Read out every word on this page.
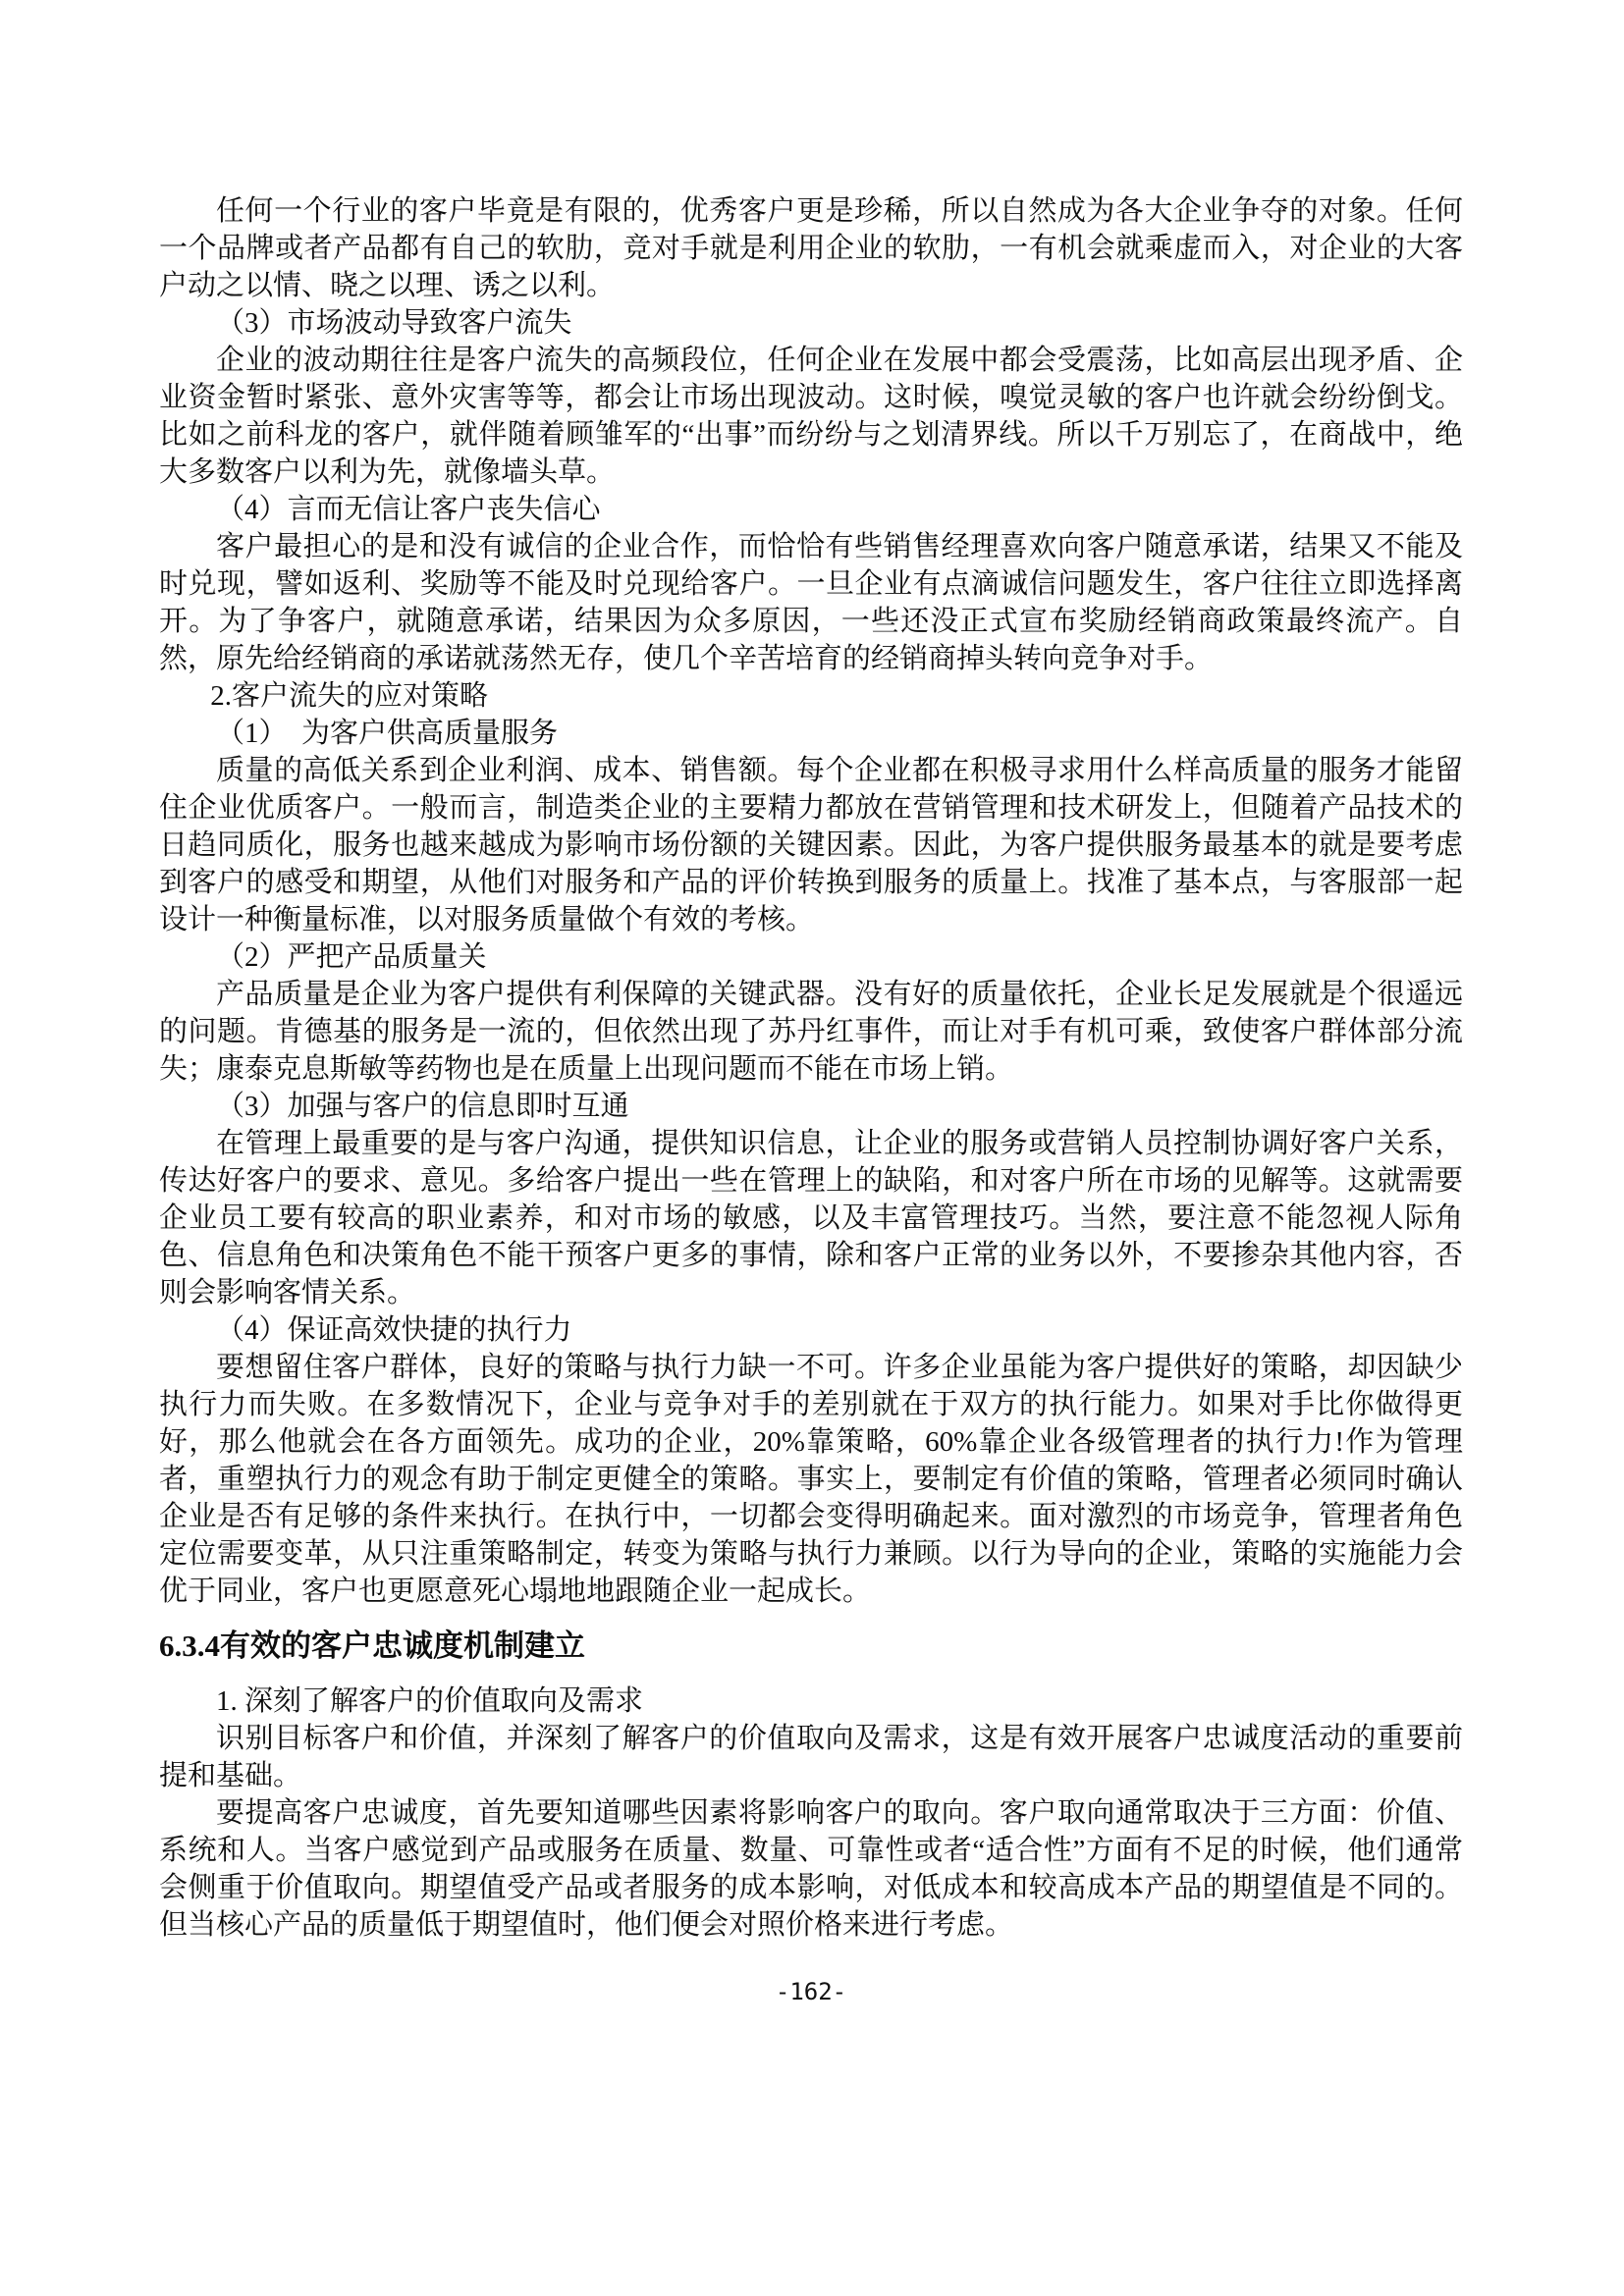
任何一个行业的客户毕竟是有限的，优秀客户更是珍稀，所以自然成为各大企业争夺的对象。任何一个品牌或者产品都有自己的软肋，竞对手就是利用企业的软肋，一有机会就乘虚而入，对企业的大客户动之以情、晓之以理、诱之以利。

（3）市场波动导致客户流失

企业的波动期往往是客户流失的高频段位，任何企业在发展中都会受震荡，比如高层出现矛盾、企业资金暂时紧张、意外灾害等等，都会让市场出现波动。这时候，嗅觉灵敏的客户也许就会纷纷倒戈。比如之前科龙的客户，就伴随着顾雏军的“出事”而纷纷与之划清界线。所以千万别忘了，在商战中，绝大多数客户以利为先，就像墙头草。

（4）言而无信让客户丧失信心

客户最担心的是和没有诚信的企业合作，而恰恰有些销售经理喜欢向客户随意承诺，结果又不能及时兑现，譬如返利、奖励等不能及时兑现给客户。一旦企业有点滴诚信问题发生，客户往往立即选择离开。为了争客户，就随意承诺，结果因为众多原因，一些还没正式宣布奖励经销商政策最终流产。自然，原先给经销商的承诺就荡然无存，使几个辛苦培育的经销商掉头转向竞争对手。

2.客户流失的应对策略

（1）　为客户供高质量服务

质量的高低关系到企业利润、成本、销售额。每个企业都在积极寻求用什么样高质量的服务才能留住企业优质客户。一般而言，制造类企业的主要精力都放在营销管理和技术研发上，但随着产品技术的日趋同质化，服务也越来越成为影响市场份额的关键因素。因此，为客户提供服务最基本的就是要考虑到客户的感受和期望，从他们对服务和产品的评价转换到服务的质量上。找准了基本点，与客服部一起设计一种衡量标准，以对服务质量做个有效的考核。

（2）严把产品质量关

产品质量是企业为客户提供有利保障的关键武器。没有好的质量依托，企业长足发展就是个很遥远的问题。肯德基的服务是一流的，但依然出现了苏丹红事件，而让对手有机可乘，致使客户群体部分流失；康泰克息斯敏等药物也是在质量上出现问题而不能在市场上销。

（3）加强与客户的信息即时互通

在管理上最重要的是与客户沟通，提供知识信息，让企业的服务或营销人员控制协调好客户关系，传达好客户的要求、意见。多给客户提出一些在管理上的缺陷，和对客户所在市场的见解等。这就需要企业员工要有较高的职业素养，和对市场的敏感，以及丰富管理技巧。当然，要注意不能忽视人际角色、信息角色和决策角色不能干预客户更多的事情，除和客户正常的业务以外，不要掺杂其他内容，否则会影响客情关系。

（4）保证高效快捷的执行力

要想留住客户群体，良好的策略与执行力缺一不可。许多企业虽能为客户提供好的策略，却因缺少执行力而失败。在多数情况下，企业与竞争对手的差别就在于双方的执行能力。如果对手比你做得更好，那么他就会在各方面领先。成功的企业，20%靠策略，60%靠企业各级管理者的执行力!作为管理者，重塑执行力的观念有助于制定更健全的策略。事实上，要制定有价值的策略，管理者必须同时确认企业是否有足够的条件来执行。在执行中，一切都会变得明确起来。面对激烈的市场竞争，管理者角色定位需要变革，从只注重策略制定，转变为策略与执行力兼顾。以行为导向的企业，策略的实施能力会优于同业，客户也更愿意死心塌地地跟随企业一起成长。

6.3.4有效的客户忠诚度机制建立

1. 深刻了解客户的价值取向及需求

识别目标客户和价值，并深刻了解客户的价值取向及需求，这是有效开展客户忠诚度活动的重要前提和基础。

要提高客户忠诚度，首先要知道哪些因素将影响客户的取向。客户取向通常取决于三方面：价值、系统和人。当客户感觉到产品或服务在质量、数量、可靠性或者“适合性”方面有不足的时候，他们通常会侧重于价值取向。期望值受产品或者服务的成本影响，对低成本和较高成本产品的期望值是不同的。但当核心产品的质量低于期望值时，他们便会对照价格来进行考虑。

-162-
